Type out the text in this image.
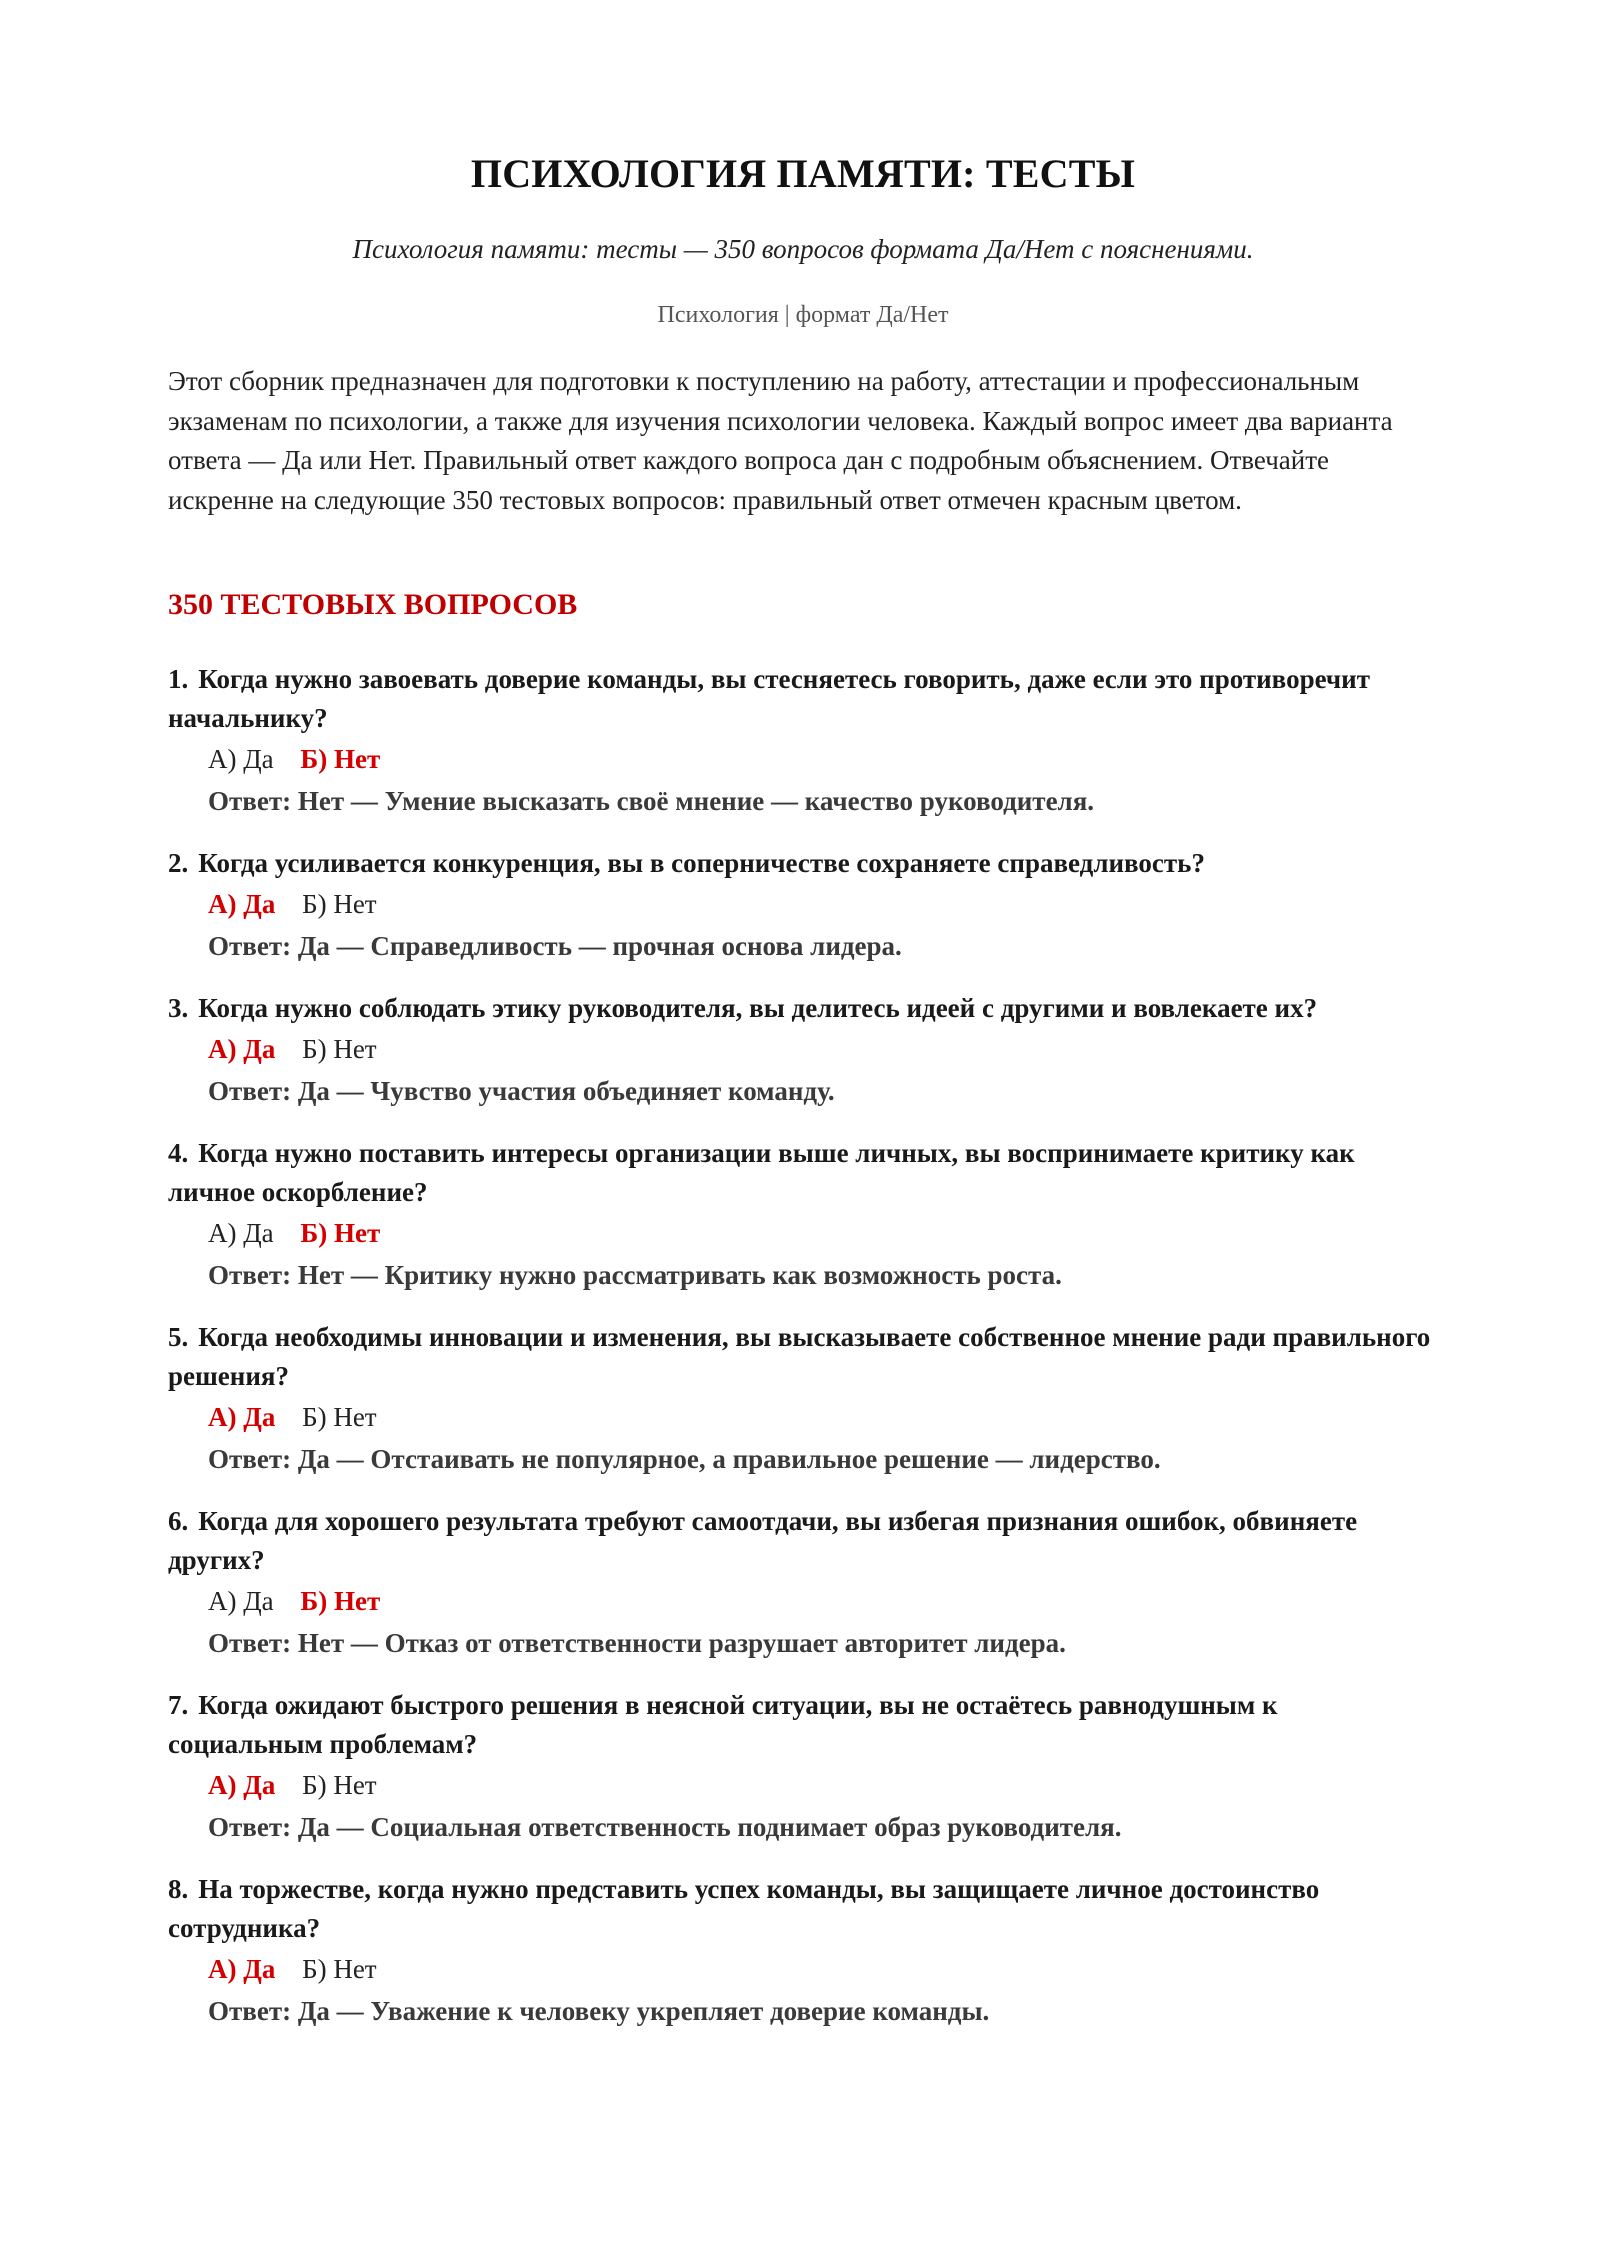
ПСИХОЛОГИЯ ПАМЯТИ: ТЕСТЫ
Психология памяти: тесты — 350 вопросов формата Да/Нет с пояснениями.
Психология | формат Да/Нет

Этот сборник предназначен для подготовки к поступлению на работу, аттестации и профессиональным экзаменам по психологии, а также для изучения психологии человека. Каждый вопрос имеет два варианта ответа — Да или Нет. Правильный ответ каждого вопроса дан с подробным объяснением. Отвечайте искренне на следующие 350 тестовых вопросов: правильный ответ отмечен красным цветом.

350 ТЕСТОВЫХ ВОПРОСОВ
1. Когда нужно завоевать доверие команды, вы стесняетесь говорить, даже если это противоречит начальнику?
А) Да Б) Нет
Ответ: Нет — Умение высказать своё мнение — качество руководителя.
2. Когда усиливается конкуренция, вы в соперничестве сохраняете справедливость?
А) Да Б) Нет
Ответ: Да — Справедливость — прочная основа лидера.
3. Когда нужно соблюдать этику руководителя, вы делитесь идеей с другими и вовлекаете их?
А) Да Б) Нет
Ответ: Да — Чувство участия объединяет команду.
4. Когда нужно поставить интересы организации выше личных, вы воспринимаете критику как личное оскорбление?
А) Да Б) Нет
Ответ: Нет — Критику нужно рассматривать как возможность роста.
5. Когда необходимы инновации и изменения, вы высказываете собственное мнение ради правильного решения?
А) Да Б) Нет
Ответ: Да — Отстаивать не популярное, а правильное решение — лидерство.
6. Когда для хорошего результата требуют самоотдачи, вы избегая признания ошибок, обвиняете других?
А) Да Б) Нет
Ответ: Нет — Отказ от ответственности разрушает авторитет лидера.
7. Когда ожидают быстрого решения в неясной ситуации, вы не остаётесь равнодушным к социальным проблемам?
А) Да Б) Нет
Ответ: Да — Социальная ответственность поднимает образ руководителя.
8. На торжестве, когда нужно представить успех команды, вы защищаете личное достоинство сотрудника?
А) Да Б) Нет
Ответ: Да — Уважение к человеку укрепляет доверие команды.
